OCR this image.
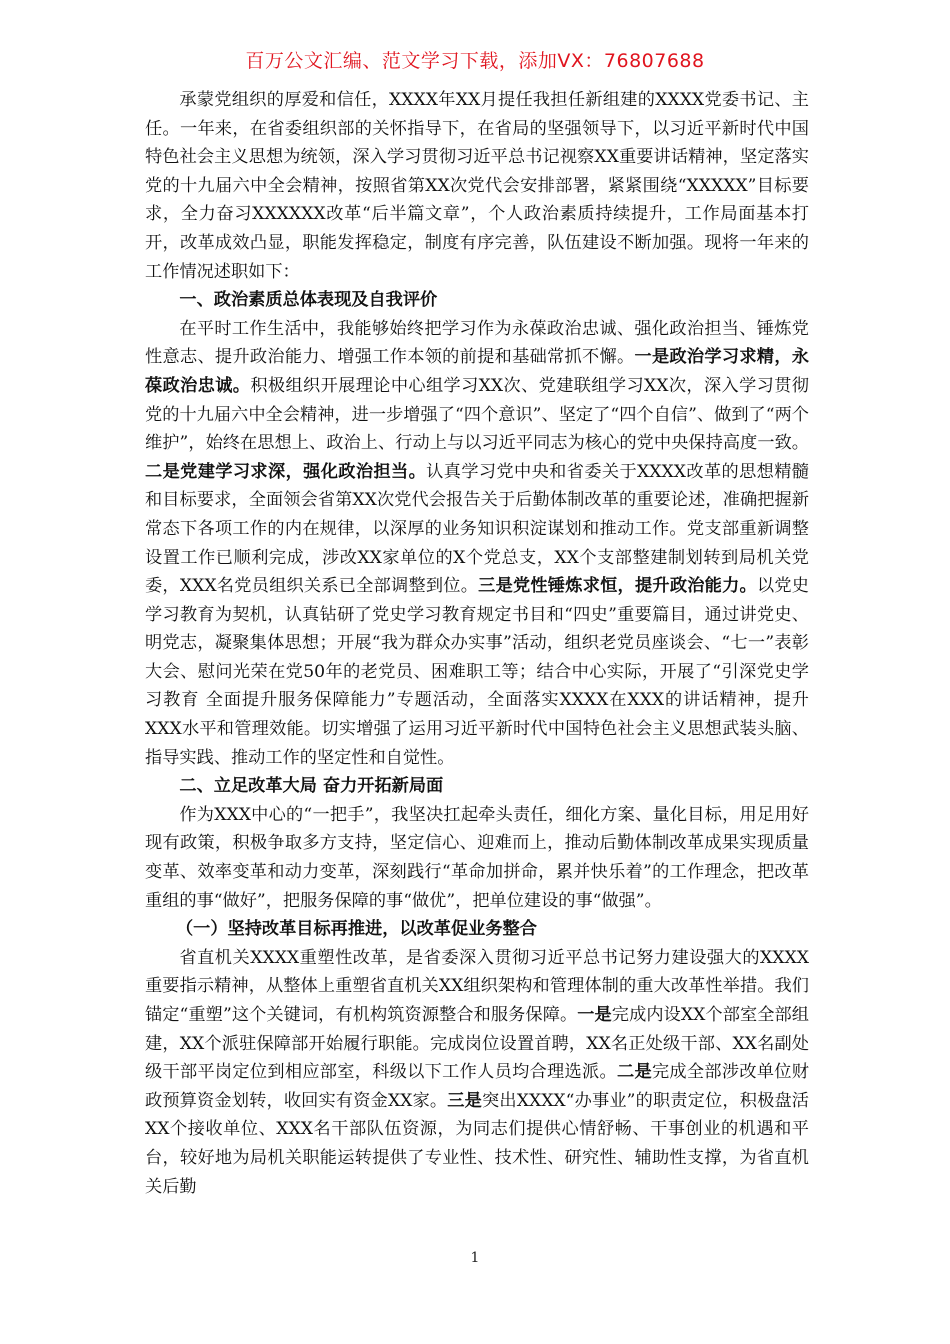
百万公文汇编、范文学习下载，添加VX：76807688

承蒙党组织的厚爱和信任，XXXX年XX月提任我担任新组建的XXXX党委书记、主任。一年来，在省委组织部的关怀指导下，在省局的坚强领导下，以习近平新时代中国特色社会主义思想为统领，深入学习贯彻习近平总书记视察XX重要讲话精神，坚定落实党的十九届六中全会精神，按照省第XX次党代会安排部署，紧紧围绕“XXXXX”目标要求，全力奋习XXXXXX改革“后半篇文章”，个人政治素质持续提升，工作局面基本打开，改革成效凸显，职能发挥稳定，制度有序完善，队伍建设不断加强。现将一年来的工作情况述职如下：

一、政治素质总体表现及自我评价

在平时工作生活中，我能够始终把学习作为永葆政治忠诚、强化政治担当、锤炼党性意志、提升政治能力、增强工作本领的前提和基础常抓不懈。一是政治学习求精，永葆政治忠诚。积极组织开展理论中心组学习XX次、党建联组学习XX次，深入学习贯彻党的十九届六中全会精神，进一步增强了“四个意识”、坚定了“四个自信”、做到了“两个维护”，始终在思想上、政治上、行动上与以习近平同志为核心的党中央保持高度一致。二是党建学习求深，强化政治担当。认真学习党中央和省委关于XXXX改革的思想精髓和目标要求，全面领会省第XX次党代会报告关于后勤体制改革的重要论述，准确把握新常态下各项工作的内在规律，以深厚的业务知识积淀谋划和推动工作。党支部重新调整设置工作已顺利完成，涉改XX家单位的X个党总支，XX个支部整建制划转到局机关党委，XXX名党员组织关系已全部调整到位。三是党性锤炼求恒，提升政治能力。以党史学习教育为契机，认真钻研了党史学习教育规定书目和“四史”重要篇目，通过讲党史、明党志，凝聚集体思想；开展“我为群众办实事”活动，组织老党员座谈会、“七一”表彰大会、慰问光荣在党50年的老党员、困难职工等；结合中心实际，开展了“引深党史学习教育 全面提升服务保障能力”专题活动，全面落实XXXX在XXX的讲话精神，提升XXX水平和管理效能。切实增强了运用习近平新时代中国特色社会主义思想武装头脑、指导实践、推动工作的坚定性和自觉性。

二、立足改革大局 奋力开拓新局面

作为XXX中心的“一把手”，我坚决扛起牵头责任，细化方案、量化目标，用足用好现有政策，积极争取多方支持，坚定信心、迎难而上，推动后勤体制改革成果实现质量变革、效率变革和动力变革，深刻践行“革命加拼命，累并快乐着”的工作理念，把改革重组的事“做好”，把服务保障的事“做优”，把单位建设的事“做强”。

（一）坚持改革目标再推进，以改革促业务整合

省直机关XXXX重塑性改革，是省委深入贯彻习近平总书记努力建设强大的XXXX重要指示精神，从整体上重塑省直机关XX组织架构和管理体制的重大改革性举措。我们锚定“重塑”这个关键词，有机构筑资源整合和服务保障。一是完成内设XX个部室全部组建，XX个派驻保障部开始履行职能。完成岗位设置首聘，XX名正处级干部、XX名副处级干部平岗定位到相应部室，科级以下工作人员均合理选派。二是完成全部涉改单位财政预算资金划转，收回实有资金XX家。三是突出XXXX“办事业”的职责定位，积极盘活XX个接收单位、XXX名干部队伍资源，为同志们提供心情舒畅、干事创业的机遇和平台，较好地为局机关职能运转提供了专业性、技术性、研究性、辅助性支撑，为省直机关后勤

1
